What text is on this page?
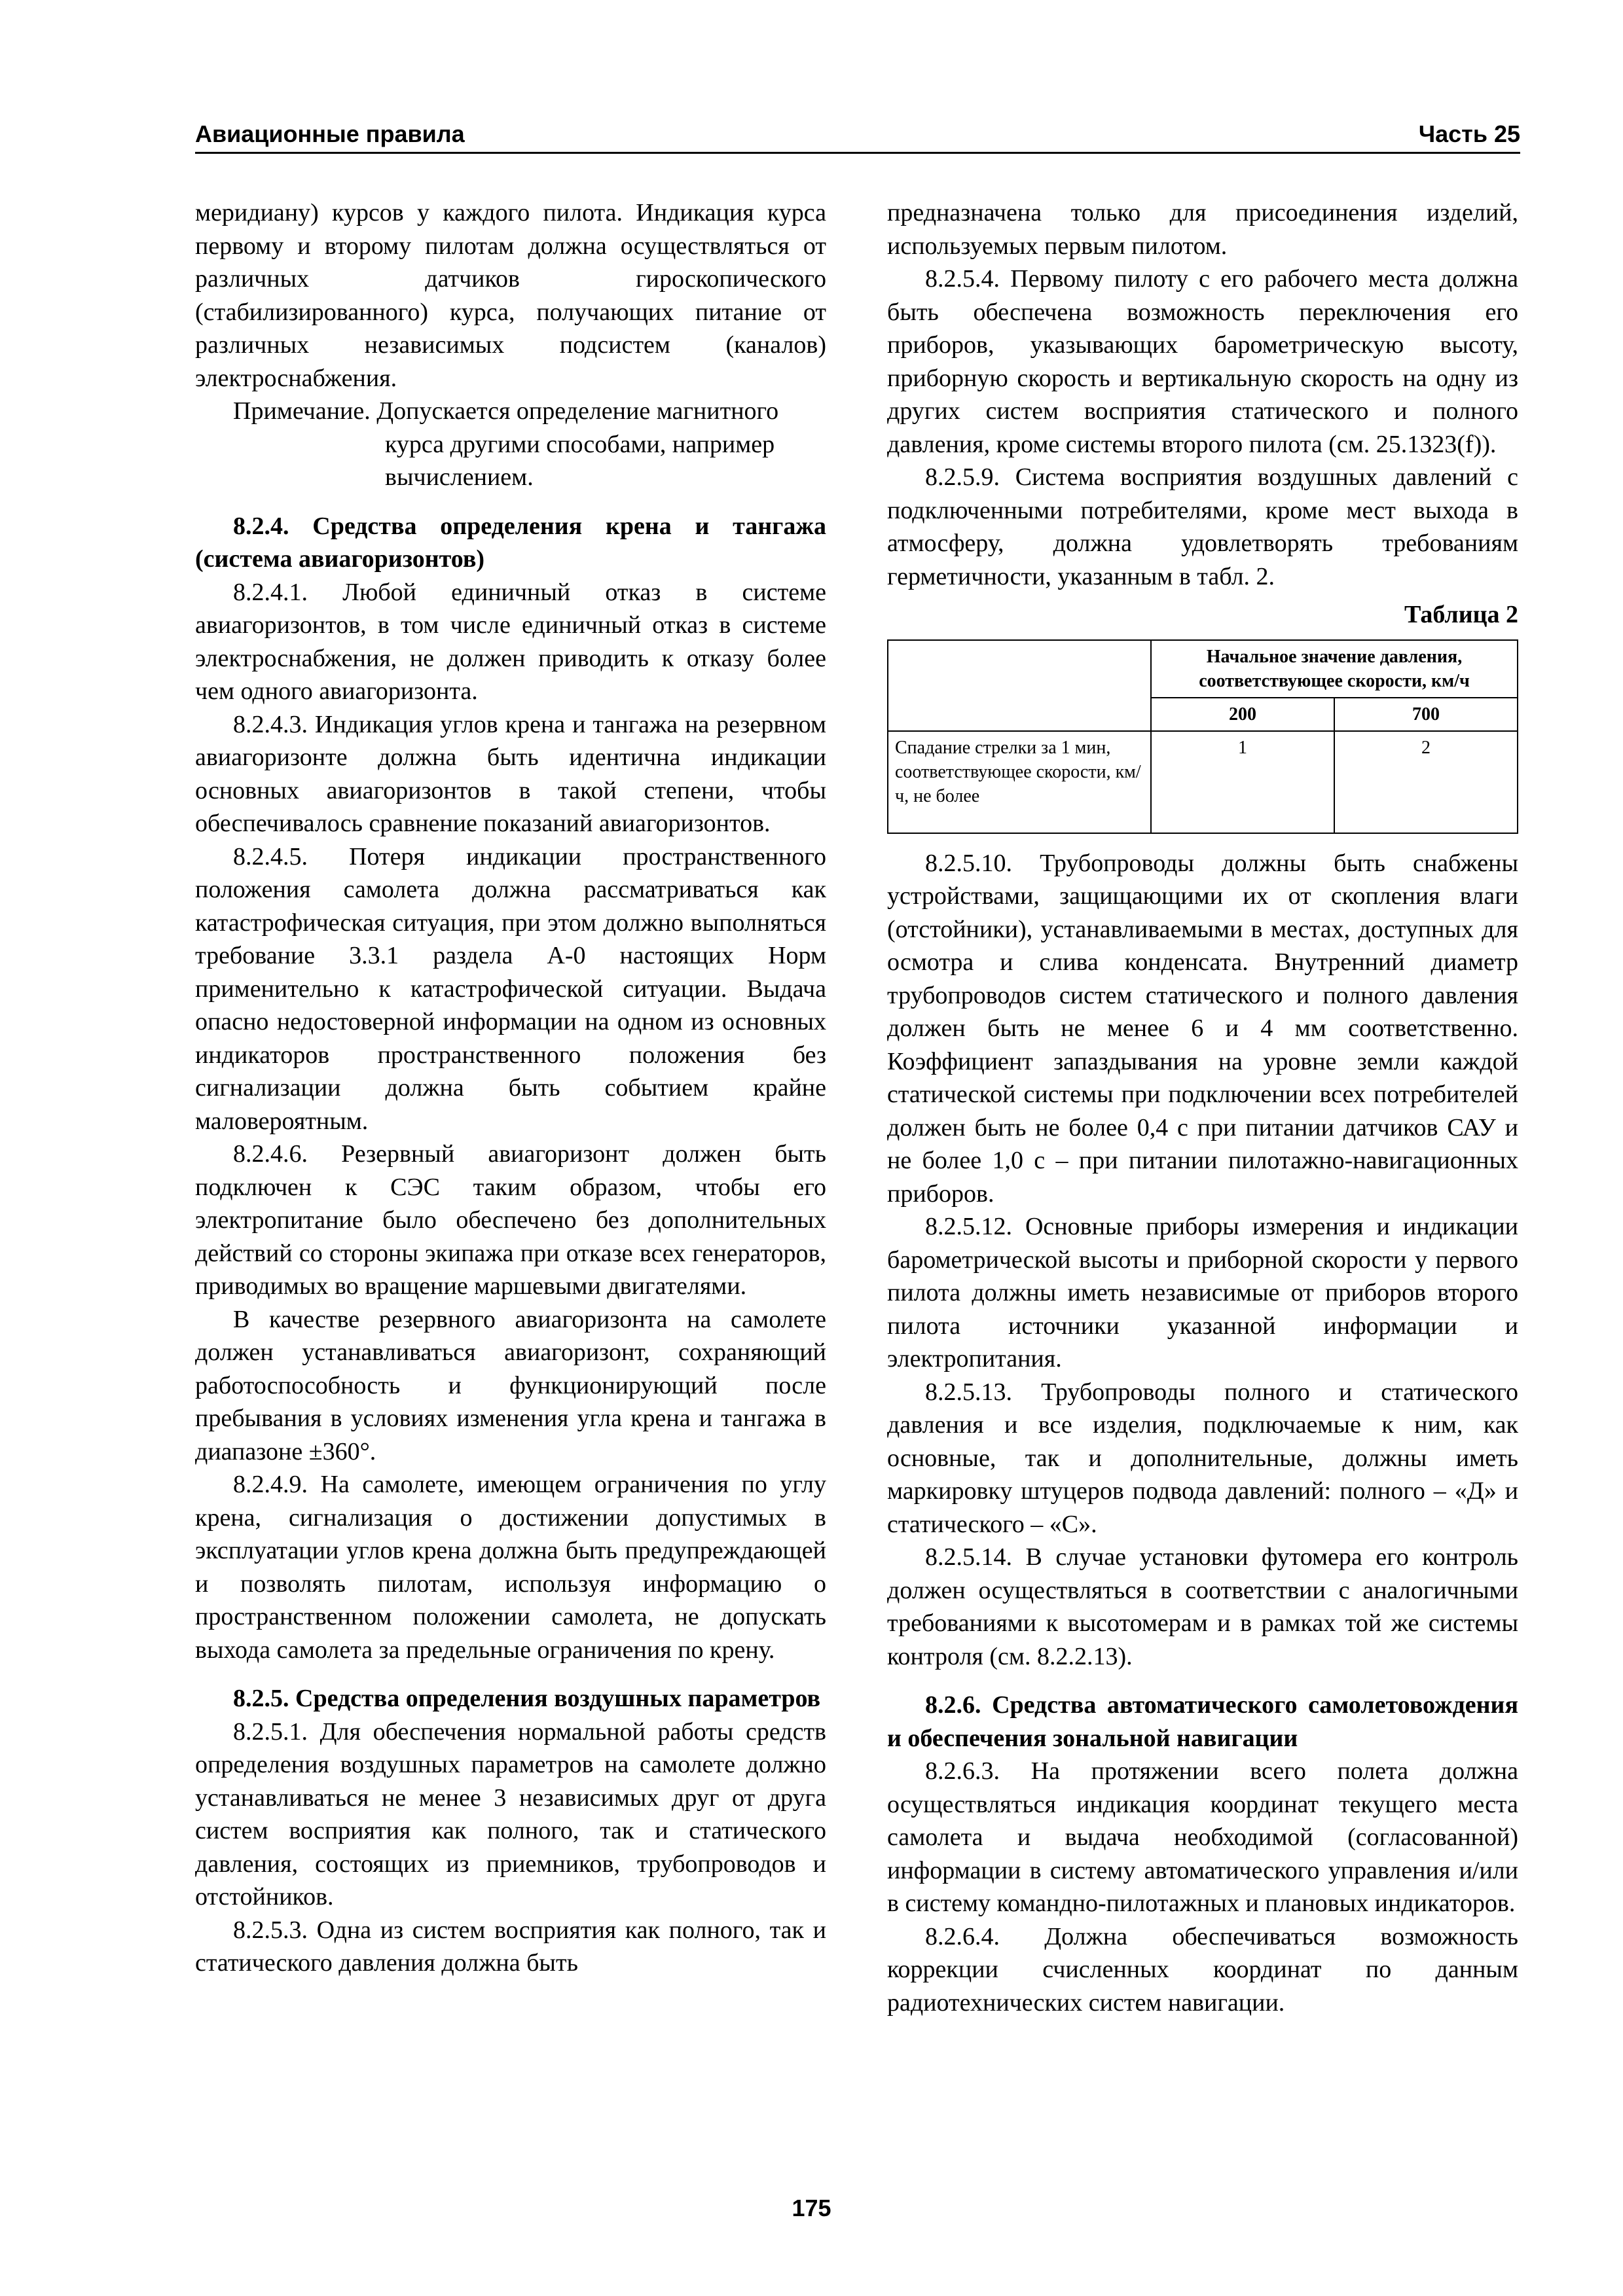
Авиационные правила	Часть 25

меридиану) курсов у каждого пилота. Индикация курса первому и второму пилотам должна осуществляться от различных датчиков гироскопического (стабилизированного) курса, получающих питание от различных независимых подсистем (каналов) электроснабжения.

Примечание. Допускается определение магнитного курса другими способами, например вычислением.
8.2.4. Средства определения крена и тангажа (система авиагоризонтов)

8.2.4.1. Любой единичный отказ в системе авиагоризонтов, в том числе единичный отказ в системе электроснабжения, не должен приводить к отказу более чем одного авиагоризонта.

8.2.4.3. Индикация углов крена и тангажа на резервном авиагоризонте должна быть идентична индикации основных авиагоризонтов в такой степени, чтобы обеспечивалось сравнение показаний авиагоризонтов.

8.2.4.5. Потеря индикации пространственного положения самолета должна рассматриваться как катастрофическая ситуация, при этом должно выполняться требование 3.3.1 раздела А-0 настоящих Норм применительно к катастрофической ситуации. Выдача опасно недостоверной информации на одном из основных индикаторов пространственного положения без сигнализации должна быть событием крайне маловероятным.

8.2.4.6. Резервный авиагоризонт должен быть подключен к СЭС таким образом, чтобы его электропитание было обеспечено без дополнительных действий со стороны экипажа при отказе всех генераторов, приводимых во вращение маршевыми двигателями.

В качестве резервного авиагоризонта на самолете должен устанавливаться авиагоризонт, сохраняющий работоспособность и функционирующий после пребывания в условиях изменения угла крена и тангажа в диапазоне ±360°.

8.2.4.9. На самолете, имеющем ограничения по углу крена, сигнализация о достижении допустимых в эксплуатации углов крена должна быть предупреждающей и позволять пилотам, используя информацию о пространственном положении самолета, не допускать выхода самолета за предельные ограничения по крену.

8.2.5. Средства определения воздушных параметров

8.2.5.1. Для обеспечения нормальной работы средств определения воздушных параметров на самолете должно устанавливаться не менее 3 независимых друг от друга систем восприятия как полного, так и статического давления, состоящих из приемников, трубопроводов и отстойников.

8.2.5.3. Одна из систем восприятия как полного, так и статического давления должна быть

предназначена только для присоединения изделий, используемых первым пилотом.

8.2.5.4. Первому пилоту с его рабочего места должна быть обеспечена возможность переключения его приборов, указывающих барометрическую высоту, приборную скорость и вертикальную скорость на одну из других систем восприятия статического и полного давления, кроме системы второго пилота (см. 25.1323(f)).

8.2.5.9. Система восприятия воздушных давлений с подключенными потребителями, кроме мест выхода в атмосферу, должна удовлетворять требованиям герметичности, указанным в табл. 2.

Таблица 2
	Начальное значение давления, соответствующее скорости, км/ч	
	200	700
Спадание стрелки за 1 мин, соответствующее скорости, км/ч, не более	1	2

8.2.5.10. Трубопроводы должны быть снабжены устройствами, защищающими их от скопления влаги (отстойники), устанавливаемыми в местах, доступных для осмотра и слива конденсата. Внутренний диаметр трубопроводов систем статического и полного давления должен быть не менее 6 и 4 мм соответственно. Коэффициент запаздывания на уровне земли каждой статической системы при подключении всех потребителей должен быть не более 0,4 с при питании датчиков САУ и не более 1,0 с – при питании пилотажно-навигационных приборов.

8.2.5.12. Основные приборы измерения и индикации барометрической высоты и приборной скорости у первого пилота должны иметь независимые от приборов второго пилота источники указанной информации и электропитания.

8.2.5.13. Трубопроводы полного и статического давления и все изделия, подключаемые к ним, как основные, так и дополнительные, должны иметь маркировку штуцеров подвода давлений: полного – «Д» и статического – «С».

8.2.5.14. В случае установки футомера его контроль должен осуществляться в соответствии с аналогичными требованиями к высотомерам и в рамках той же системы контроля (см. 8.2.2.13).

8.2.6. Средства автоматического самолетовождения и обеспечения зональной навигации

8.2.6.3. На протяжении всего полета должна осуществляться индикация координат текущего места самолета и выдача необходимой (согласованной) информации в систему автоматического управления и/или в систему командно-пилотажных и плановых индикаторов.

8.2.6.4. Должна обеспечиваться возможность коррекции счисленных координат по данным радиотехнических систем навигации.

175
